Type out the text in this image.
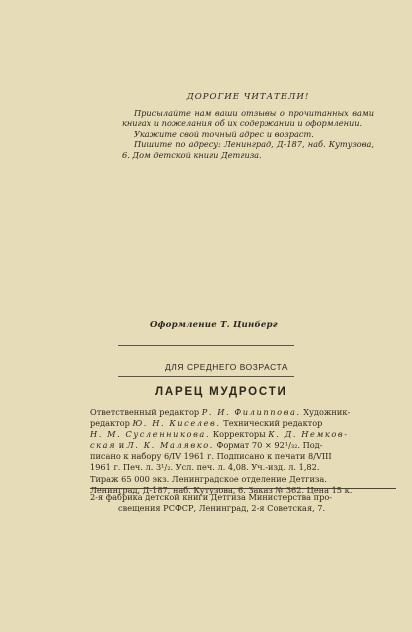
ДОРОГИЕ ЧИТАТЕЛИ!

Присылайте нам ваши отзывы о прочитанных вами книгах и пожелания об их содержании и оформлении.

Укажите свой точный адрес и возраст.

Пишите по адресу: Ленинград, Д-187, наб. Кутузова, 6. Дом детской книги Детгиза.

Оформление Т. Цинберг
ДЛЯ СРЕДНЕГО ВОЗРАСТА
ЛАРЕЦ МУДРОСТИ
Ответственный редактор Р. И. Филиппова. Художник-
редактор Ю. Н. Киселев. Технический редактор
Н. М. Сусленникова. Корректоры К. Д. Немков-
ская и Л. К. Малявко. Формат 70 × 92¹/₃₂. Под-
писано к набору 6/IV 1961 г. Подписано к печати 8/VIII
1961 г. Печ. л. 3¹/₂. Усл. печ. л. 4,08. Уч.-изд. л. 1,82.
Тираж 65 000 экз. Ленинградское отделение Детгиза.
Ленинград, Д-187, наб. Кутузова, 6. Заказ № 362. Цена 15 к.
2-я фабрика детской книги Детгиза Министерства про-
свещения РСФСР, Ленинград, 2-я Советская, 7.
